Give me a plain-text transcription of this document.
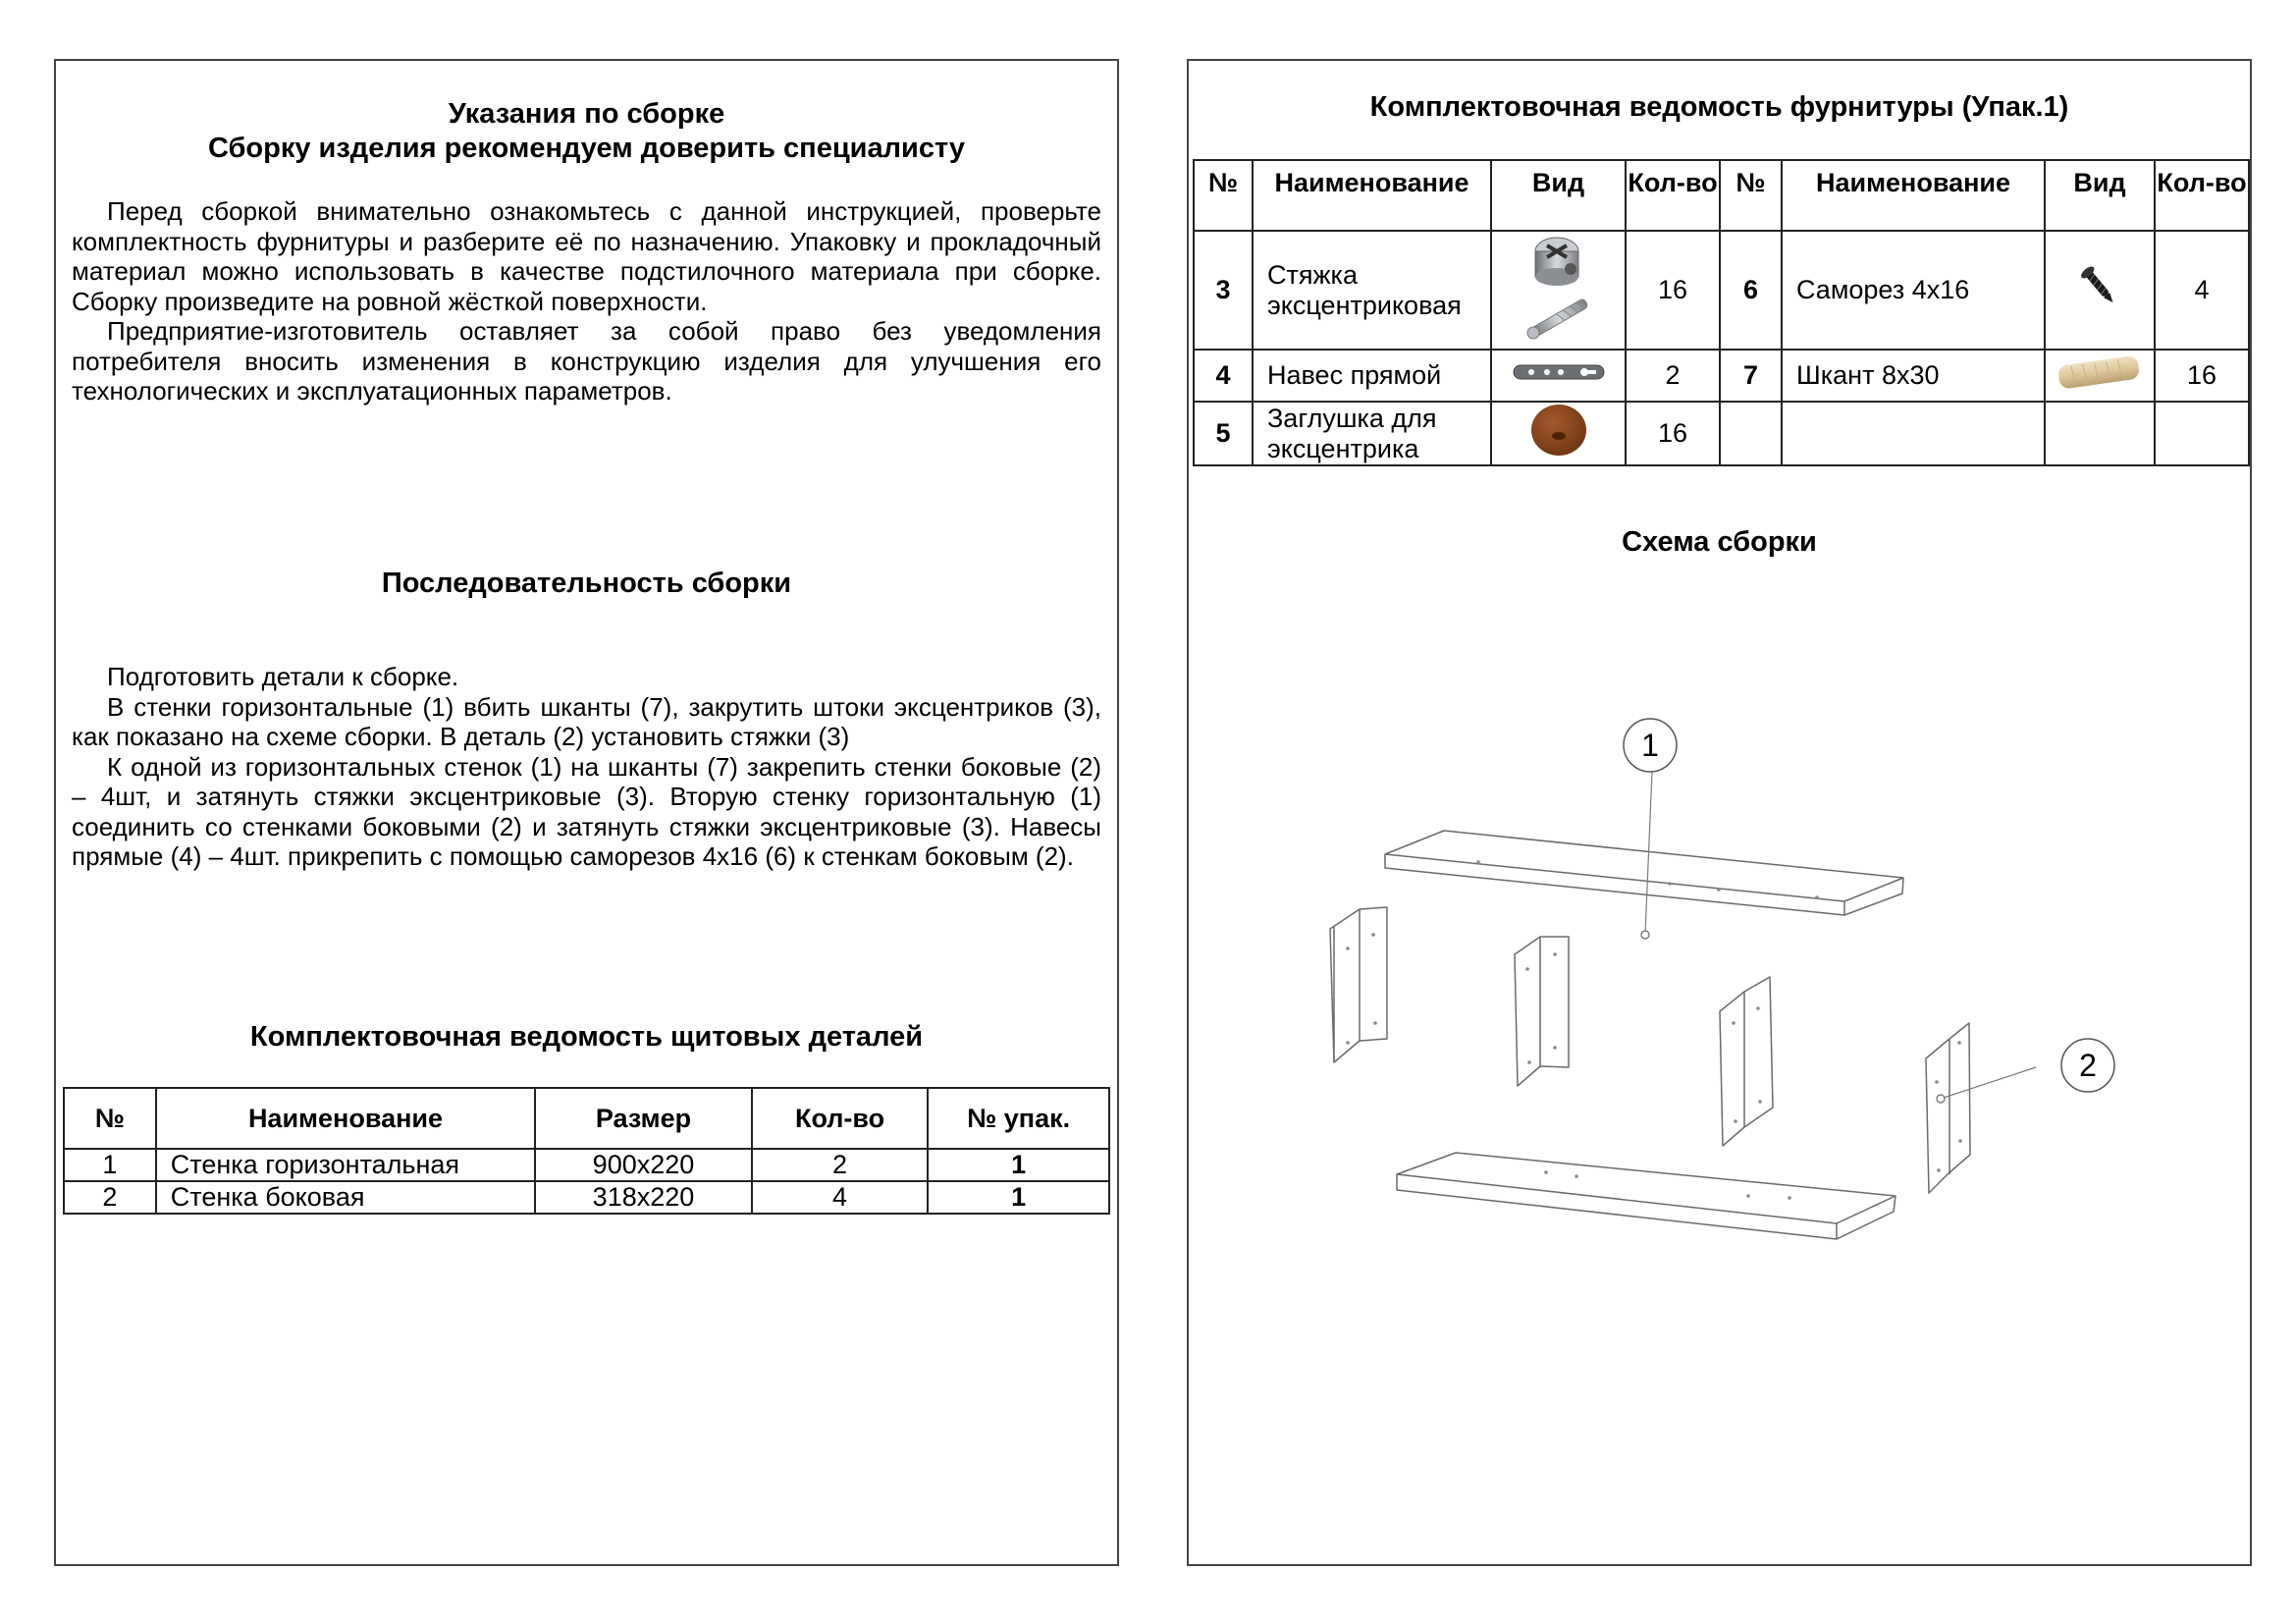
Указания по сборке
Сборку изделия рекомендуем доверить специалисту

Перед сборкой внимательно ознакомьтесь с данной инструкцией, проверьте комплектность фурнитуры и разберите её по назначению. Упаковку и прокладочный материал можно использовать в качестве подстилочного материала при сборке. Сборку произведите на ровной жёсткой поверхности.

Предприятие-изготовитель оставляет за собой право без уведомления потребителя вносить изменения в конструкцию изделия для улучшения его технологических и эксплуатационных параметров.

Последовательность сборки

Подготовить детали к сборке.

В стенки горизонтальные (1) вбить шканты (7), закрутить штоки эксцентриков (3), как показано на схеме сборки. В деталь (2) установить стяжки (3)

К одной из горизонтальных стенок (1) на шканты (7) закрепить стенки боковые (2) – 4шт, и затянуть стяжки эксцентриковые (3). Вторую стенку горизонтальную (1) соединить со стенками боковыми (2) и затянуть стяжки эксцентриковые (3). Навесы прямые (4) – 4шт. прикрепить с помощью саморезов 4х16 (6) к стенкам боковым (2).

Комплектовочная ведомость щитовых деталей
№	Наименование	Размер	Кол-во	№ упак.
1	Стенка горизонтальная	900х220	2	1
2	Стенка боковая	318х220	4	1
Комплектовочная ведомость фурнитуры (Упак.1)
№	Наименование	Вид	Кол-во	№	Наименование	Вид	Кол-во
3	Стяжка эксцентриковая		16	6	Саморез 4х16		4
4	Навес прямой		2	7	Шкант 8х30		16
5	Заглушка для эксцентрика		16				
Схема сборки
1
2
